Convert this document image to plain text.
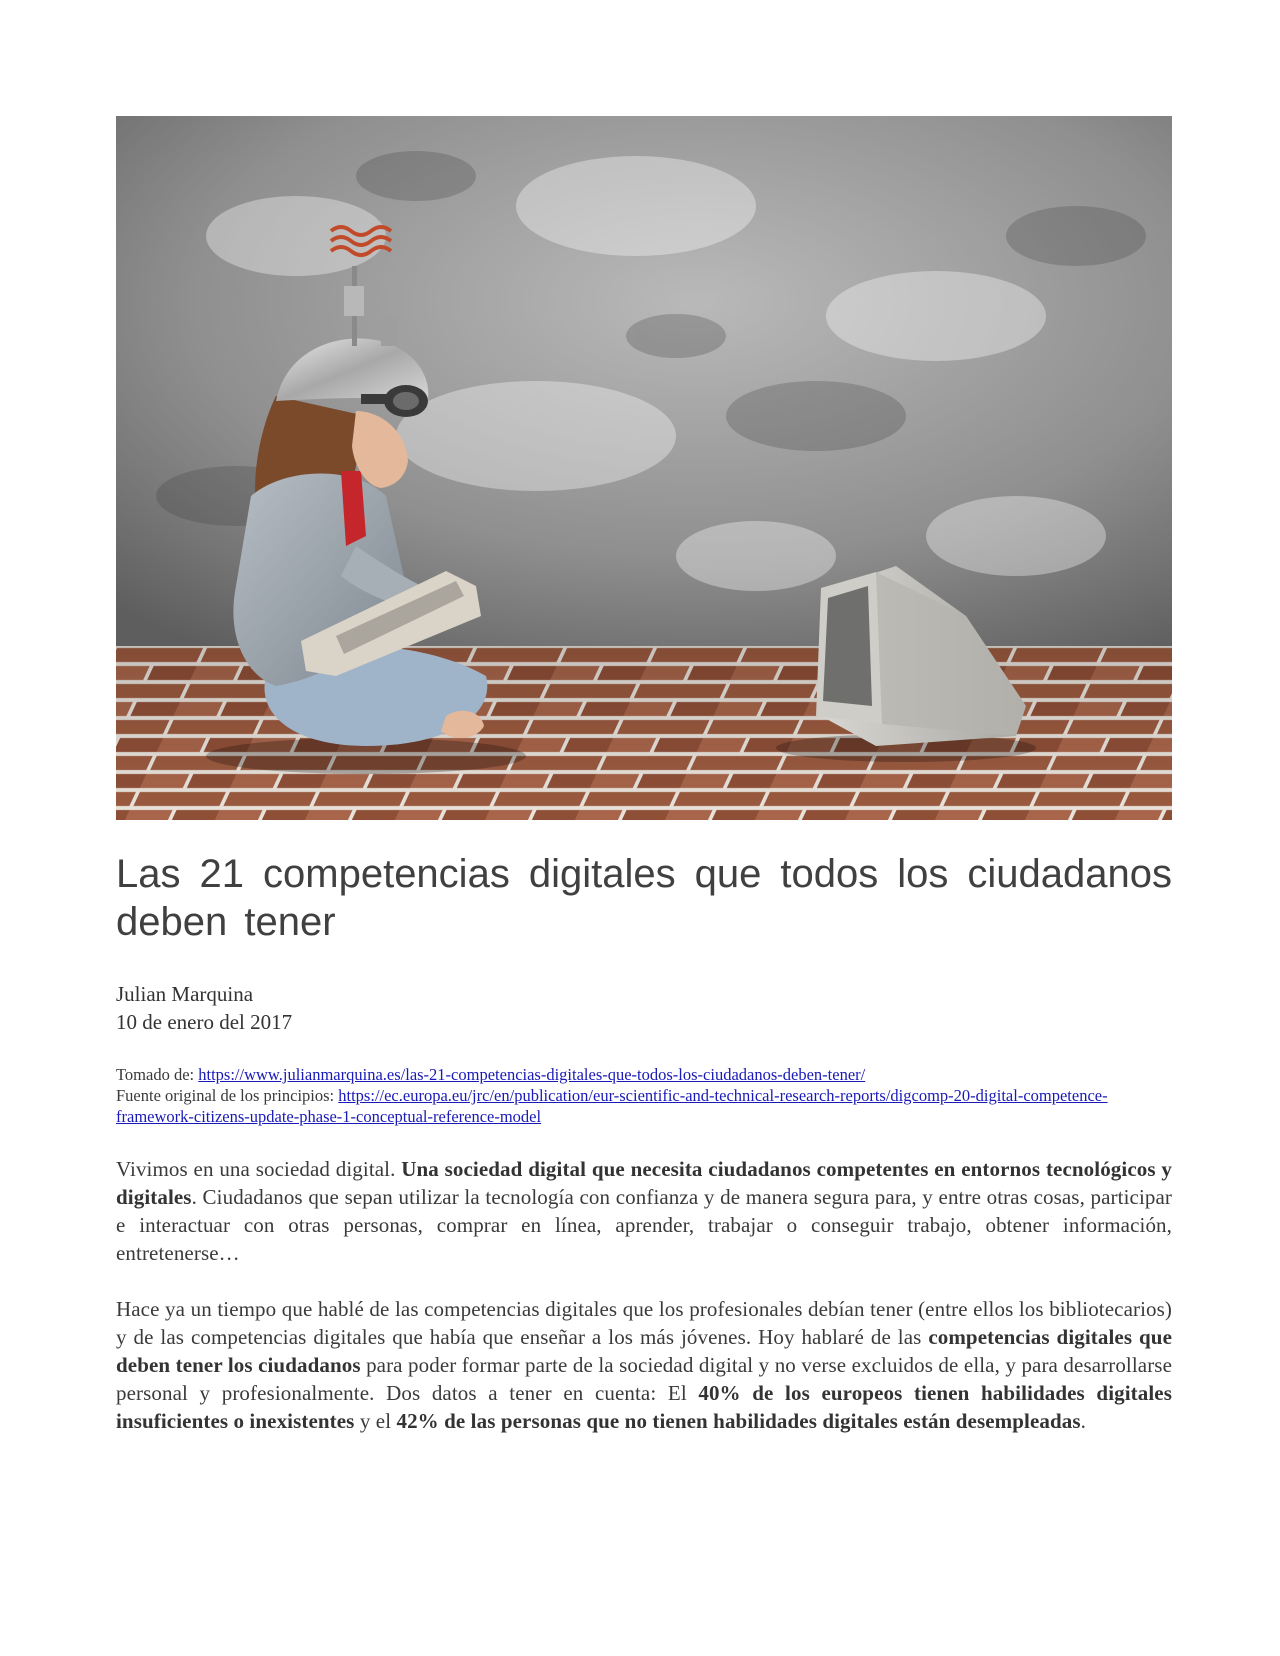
Las 21 competencias digitales que todos los ciudadanos deben tener
Julian Marquina
10 de enero del 2017
Tomado de: https://www.julianmarquina.es/las-21-competencias-digitales-que-todos-los-ciudadanos-deben-tener/
Fuente original de los principios: https://ec.europa.eu/jrc/en/publication/eur-scientific-and-technical-research-reports/digcomp-20-digital-competence-framework-citizens-update-phase-1-conceptual-reference-model

Vivimos en una sociedad digital. Una sociedad digital que necesita ciudadanos competentes en entornos tecnológicos y digitales. Ciudadanos que sepan utilizar la tecnología con confianza y de manera segura para, y entre otras cosas, participar e interactuar con otras personas, comprar en línea, aprender, trabajar o conseguir trabajo, obtener información, entretenerse…

Hace ya un tiempo que hablé de las competencias digitales que los profesionales debían tener (entre ellos los bibliotecarios) y de las competencias digitales que había que enseñar a los más jóvenes. Hoy hablaré de las competencias digitales que deben tener los ciudadanos para poder formar parte de la sociedad digital y no verse excluidos de ella, y para desarrollarse personal y profesionalmente. Dos datos a tener en cuenta: El 40% de los europeos tienen habilidades digitales insuficientes o inexistentes y el 42% de las personas que no tienen habilidades digitales están desempleadas.
